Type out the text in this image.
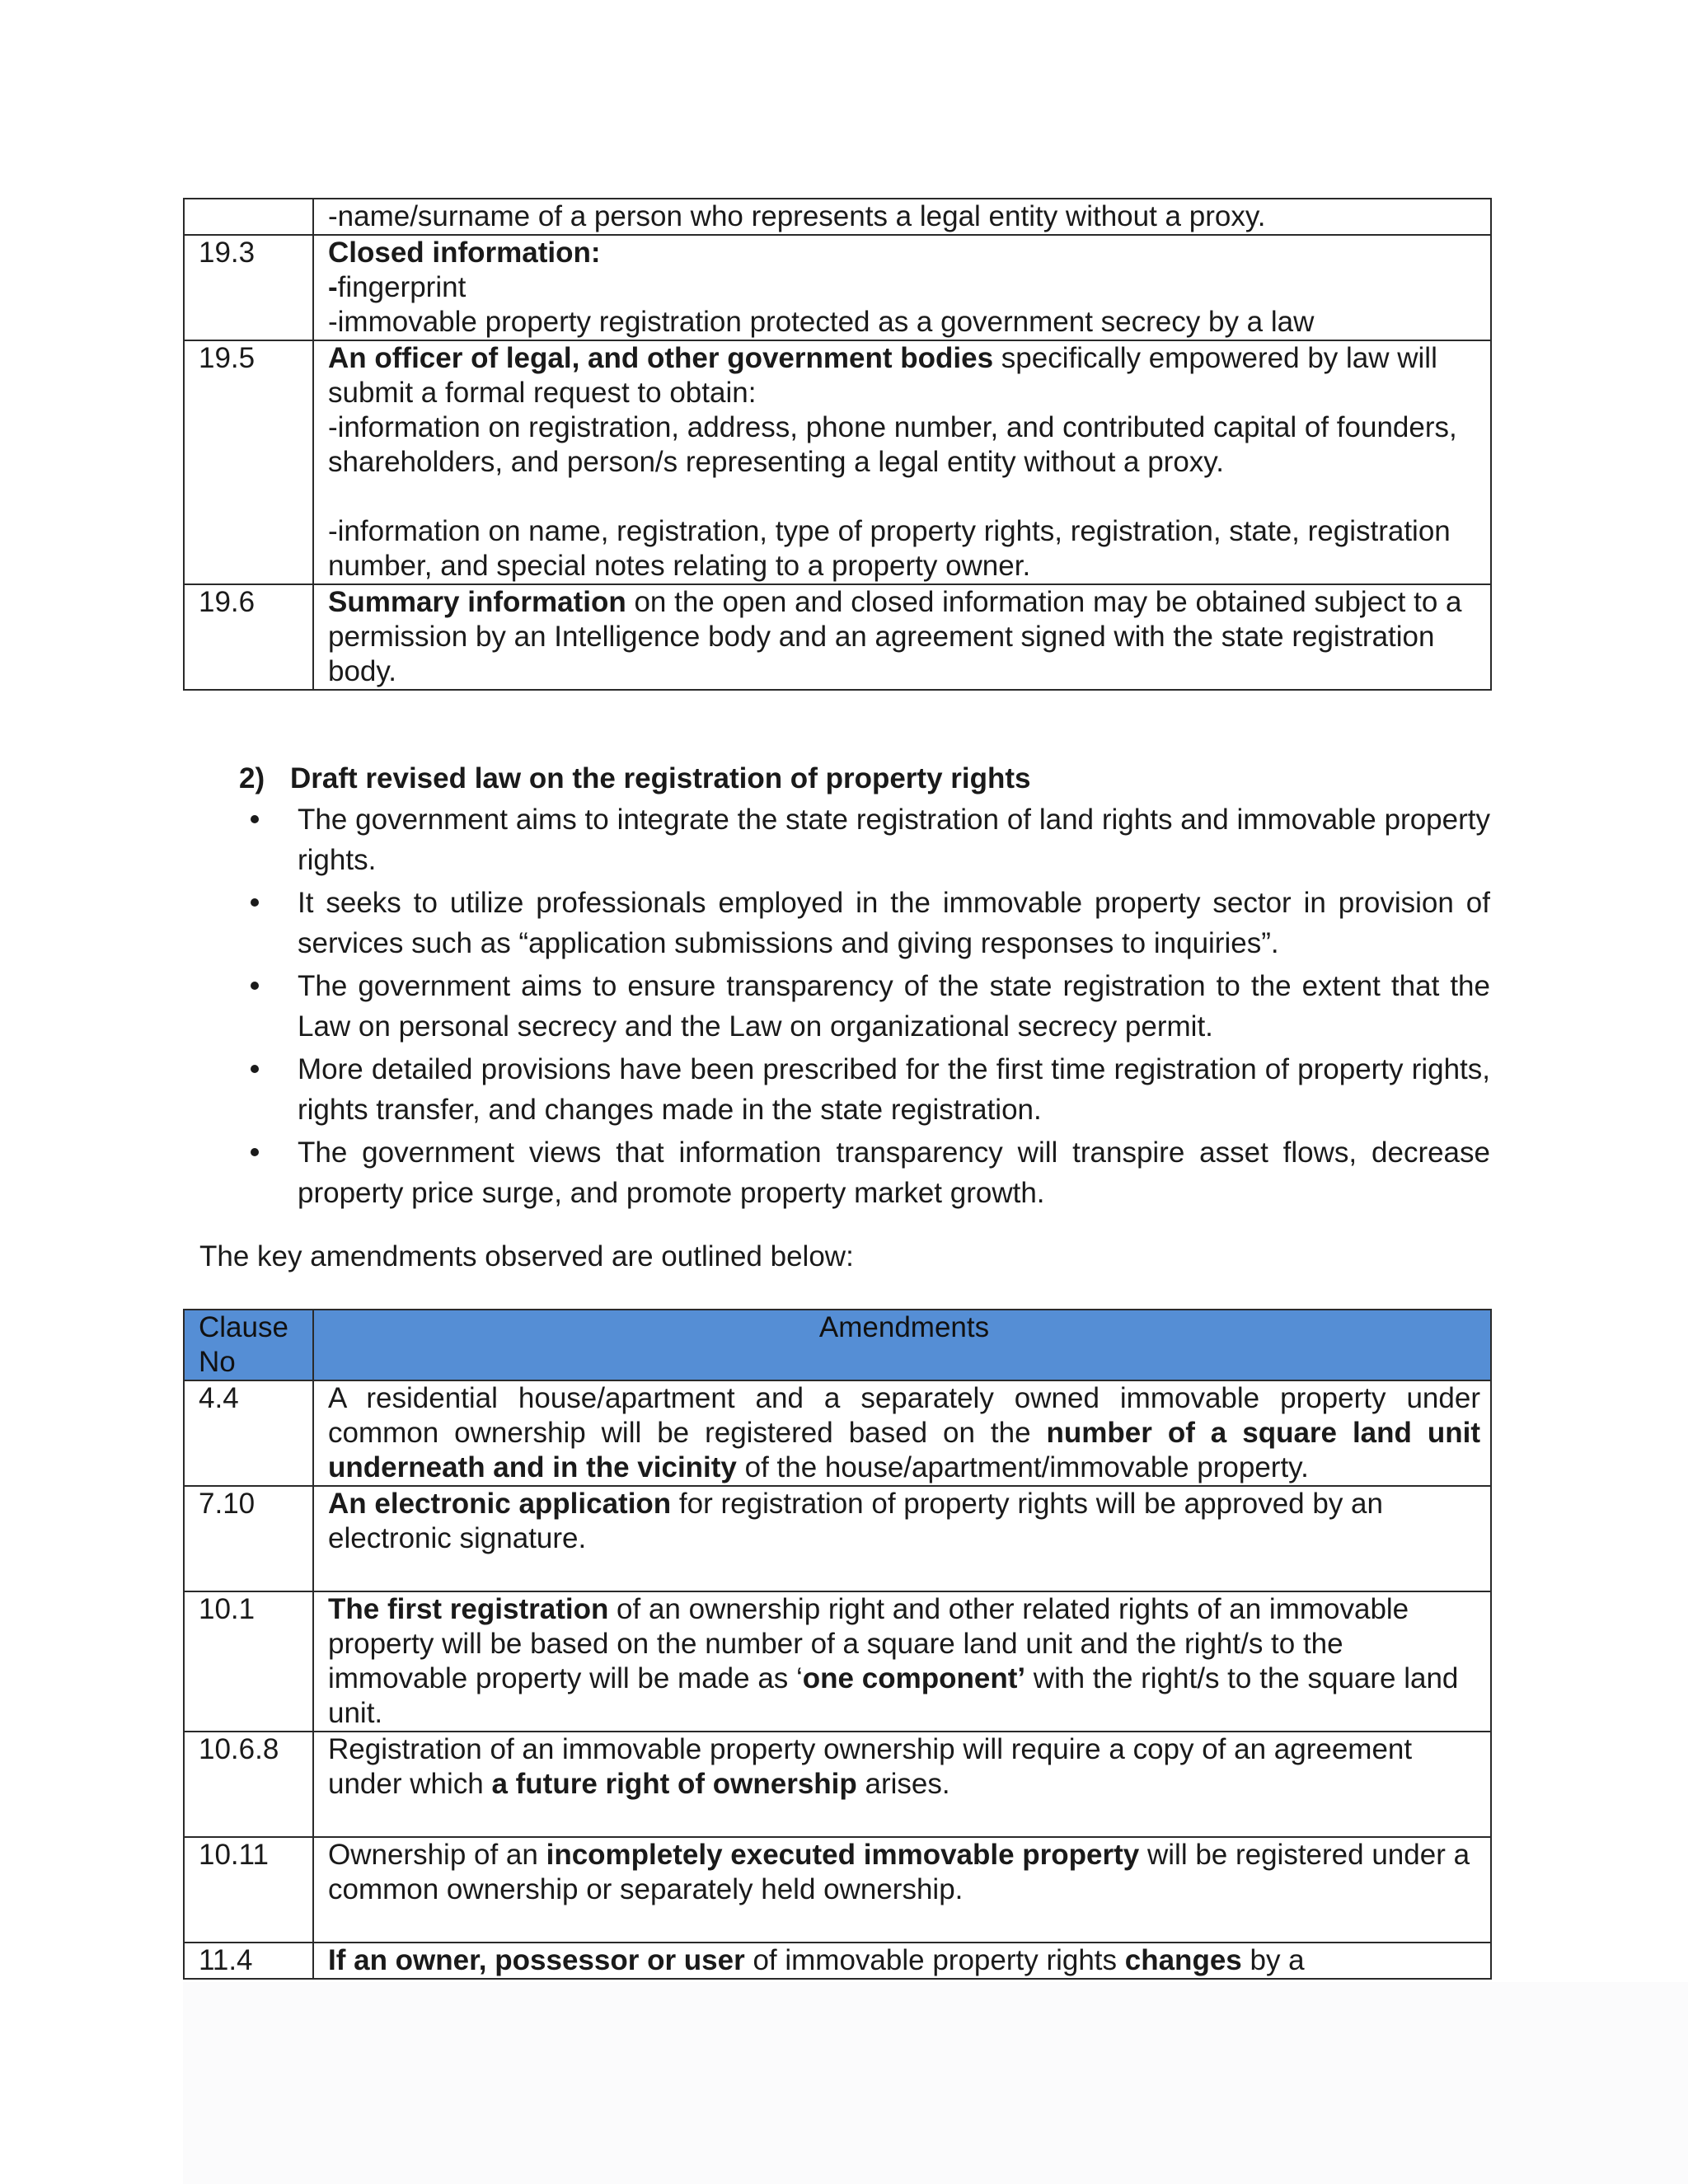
	-name/surname of a person who represents a legal entity without a proxy.

19.3	Closed information:
-fingerprint
-immovable property registration protected as a government secrecy by a law

19.5	An officer of legal, and other government bodies specifically empowered by law will submit a formal request to obtain:
-information on registration, address, phone number, and contributed capital of founders, shareholders, and person/s representing a legal entity without a proxy.
-information on name, registration, type of property rights, registration, state, registration number, and special notes relating to a property owner.

19.6	Summary information on the open and closed information may be obtained subject to a permission by an Intelligence body and an agreement signed with the state registration body.
2) Draft revised law on the registration of property rights
The government aims to integrate the state registration of land rights and immovable property rights.
It seeks to utilize professionals employed in the immovable property sector in provision of services such as “application submissions and giving responses to inquiries”.
The government aims to ensure transparency of the state registration to the extent that the Law on personal secrecy and the Law on organizational secrecy permit.
More detailed provisions have been prescribed for the first time registration of property rights, rights transfer, and changes made in the state registration.
The government views that information transparency will transpire asset flows, decrease property price surge, and promote property market growth.
The key amendments observed are outlined below:
Clause No	Amendments
4.4	A residential house/apartment and a separately owned immovable property under common ownership will be registered based on the number of a square land unit underneath and in the vicinity of the house/apartment/immovable property.

7.10	An electronic application for registration of property rights will be approved by an electronic signature.

10.1	The first registration of an ownership right and other related rights of an immovable property will be based on the number of a square land unit and the right/s to the immovable property will be made as ‘one component’ with the right/s to the square land unit.

10.6.8	Registration of an immovable property ownership will require a copy of an agreement under which a future right of ownership arises.

10.11	Ownership of an incompletely executed immovable property will be registered under a common ownership or separately held ownership.

11.4	If an owner, possessor or user of immovable property rights changes by a
